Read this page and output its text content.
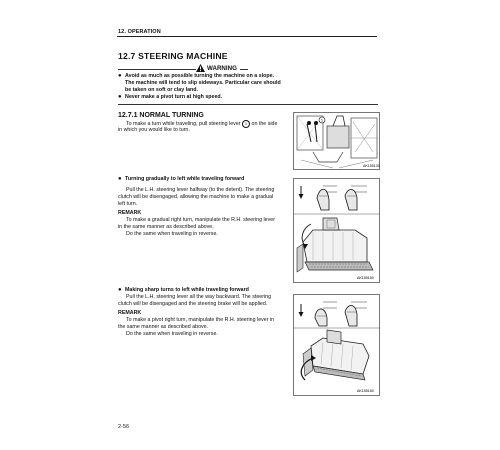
12. OPERATION
12.7 STEERING MACHINE
WARNING
● Avoid as much as possible turning the machine on a slope.
The machine will tend to slip sideways. Particular care should
be taken on soft or clay land.
● Never make a pivot turn at high speed.
12.7.1 NORMAL TURNING
To make a turn while traveling, pull steering lever 1 on the side
in which you would like to turn.
1
AK155130
● Turning gradually to left while traveling forward
Pull the L.H. steering lever halfway (to the detent). The steering
clutch will be disengaged, allowing the machine to make a gradual
left turn.
REMARK
To make a gradual right turn, manipulate the R.H. steering lever
in the same manner as described above.
Do the same when traveling in reverse.
AK155150
● Making sharp turns to left while traveling forward
Pull the L.H. steering lever all the way backward. The steering
clutch will be disengaged and the steering brake will be applied.
REMARK
To make a pivot right turn, manipulate the R.H. steering lever in
the same manner as described above.
Do the same when traveling in reverse.
AK155160
2-56
